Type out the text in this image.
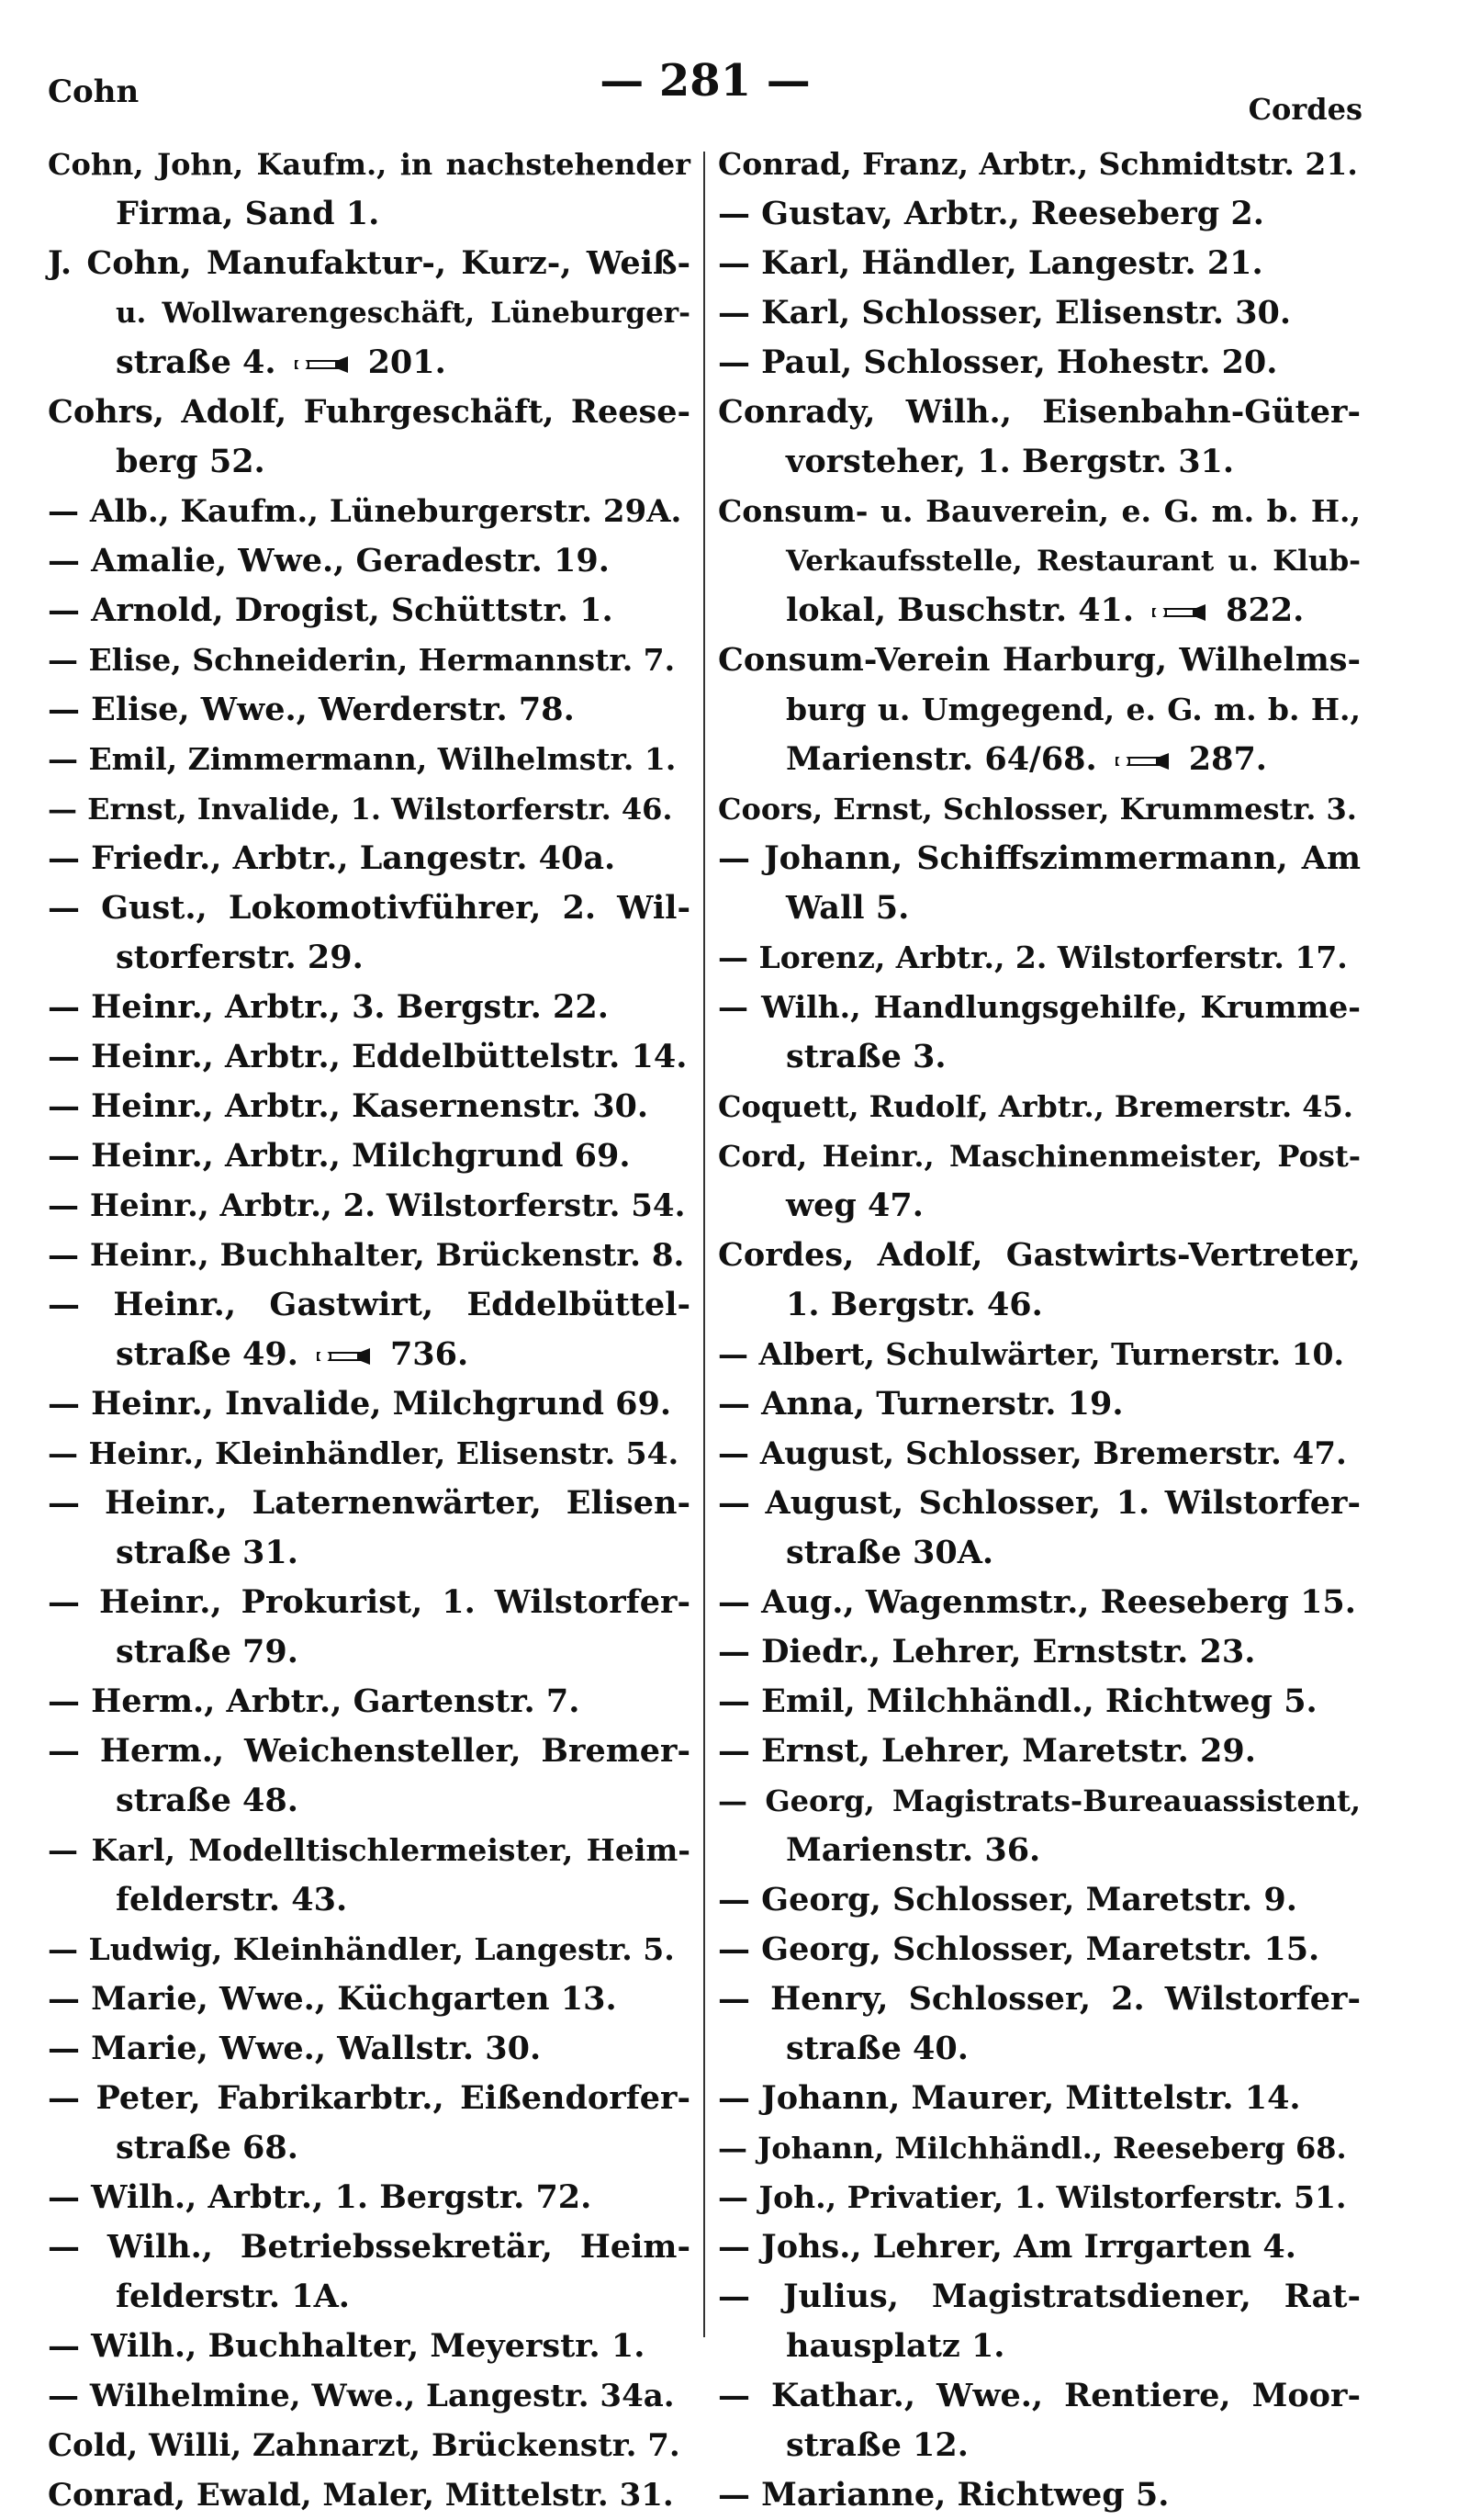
Cohn	— 281 —
Cordes
Cohn, John, Kaufm., in nachstehender
Firma, Sand 1.
J. Cohn, Manufaktur-, Kurz-, Weiß-
u. Wollwarengeschäft, Lüneburger-
straße 4.	201.
Cohrs, Adolf, Fuhrgeschäft, Reese-
berg 52.
— Alb., Kaufm., Lüneburgerstr. 29A.
— Amalie, Wwe., Geradestr. 19.
— Arnold, Drogist, Schüttstr. 1.
— Elise, Schneiderin, Hermannstr. 7.
— Elise, Wwe., Werderstr. 78.
— Emil, Zimmermann, Wilhelmstr. 1.
— Ernst, Invalide, 1. Wilstorferstr. 46.
— Friedr., Arbtr., Langestr. 40a.
— Gust., Lokomotivführer, 2. Wil-
storferstr. 29.
— Heinr., Arbtr., 3. Bergstr. 22.
— Heinr., Arbtr., Eddelbüttelstr. 14.
— Heinr., Arbtr., Kasernenstr. 30.
— Heinr., Arbtr., Milchgrund 69.
— Heinr., Arbtr., 2. Wilstorferstr. 54.
— Heinr., Buchhalter, Brückenstr. 8.
— Heinr., Gastwirt, Eddelbüttel-
straße 49.	736.
— Heinr., Invalide, Milchgrund 69.
— Heinr., Kleinhändler, Elisenstr. 54.
— Heinr., Laternenwärter, Elisen-
straße 31.
— Heinr., Prokurist, 1. Wilstorfer-
straße 79.
— Herm., Arbtr., Gartenstr. 7.
— Herm., Weichensteller, Bremer-
straße 48.
— Karl, Modelltischlermeister, Heim-
felderstr. 43.
— Ludwig, Kleinhändler, Langestr. 5.
— Marie, Wwe., Küchgarten 13.
— Marie, Wwe., Wallstr. 30.
— Peter, Fabrikarbtr., Eißendorfer-
straße 68.
— Wilh., Arbtr., 1. Bergstr. 72.
— Wilh., Betriebssekretär, Heim-
felderstr. 1A.
— Wilh., Buchhalter, Meyerstr. 1.
— Wilhelmine, Wwe., Langestr. 34a.
Cold, Willi, Zahnarzt, Brückenstr. 7.
Conrad, Ewald, Maler, Mittelstr. 31.
Conrad, Franz, Arbtr., Schmidtstr. 21.
— Gustav, Arbtr., Reeseberg 2.
— Karl, Händler, Langestr. 21.
— Karl, Schlosser, Elisenstr. 30.
— Paul, Schlosser, Hohestr. 20.
Conrady, Wilh., Eisenbahn-Güter-
vorsteher, 1. Bergstr. 31.
Consum- u. Bauverein, e. G. m. b. H.,
Verkaufsstelle, Restaurant u. Klub-
lokal, Buschstr. 41.	822.
Consum-Verein Harburg, Wilhelms-
burg u. Umgegend, e. G. m. b. H.,
Marienstr. 64/68.	287.
Coors, Ernst, Schlosser, Krummestr. 3.
— Johann, Schiffszimmermann, Am
Wall 5.
— Lorenz, Arbtr., 2. Wilstorferstr. 17.
— Wilh., Handlungsgehilfe, Krumme-
straße 3.
Coquett, Rudolf, Arbtr., Bremerstr. 45.
Cord, Heinr., Maschinenmeister, Post-
weg 47.
Cordes, Adolf, Gastwirts-Vertreter,
1. Bergstr. 46.
— Albert, Schulwärter, Turnerstr. 10.
— Anna, Turnerstr. 19.
— August, Schlosser, Bremerstr. 47.
— August, Schlosser, 1. Wilstorfer-
straße 30A.
— Aug., Wagenmstr., Reeseberg 15.
— Diedr., Lehrer, Ernststr. 23.
— Emil, Milchhändl., Richtweg 5.
— Ernst, Lehrer, Maretstr. 29.
— Georg, Magistrats-Bureauassistent,
Marienstr. 36.
— Georg, Schlosser, Maretstr. 9.
— Georg, Schlosser, Maretstr. 15.
— Henry, Schlosser, 2. Wilstorfer-
straße 40.
— Johann, Maurer, Mittelstr. 14.
— Johann, Milchhändl., Reeseberg 68.
— Joh., Privatier, 1. Wilstorferstr. 51.
— Johs., Lehrer, Am Irrgarten 4.
— Julius, Magistratsdiener, Rat-
hausplatz 1.
— Kathar., Wwe., Rentiere, Moor-
straße 12.
— Marianne, Richtweg 5.
